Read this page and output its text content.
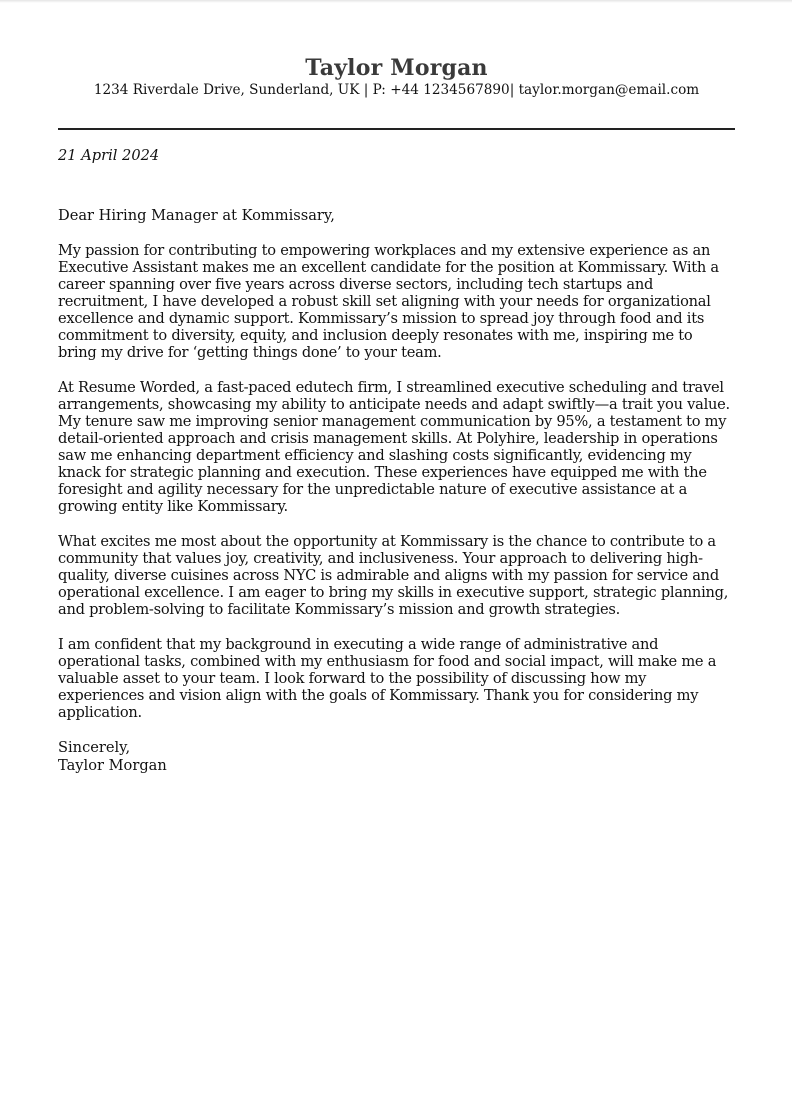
Taylor Morgan

1234 Riverdale Drive, Sunderland, UK | P: +44 1234567890| taylor.morgan@email.com

21 April 2024
Dear Hiring Manager at Kommissary,

My passion for contributing to empowering workplaces and my extensive experience as an Executive Assistant makes me an excellent candidate for the position at Kommissary. With a career spanning over five years across diverse sectors, including tech startups and recruitment, I have developed a robust skill set aligning with your needs for organizational excellence and dynamic support. Kommissary’s mission to spread joy through food and its commitment to diversity, equity, and inclusion deeply resonates with me, inspiring me to bring my drive for ‘getting things done’ to your team.

At Resume Worded, a fast-paced edutech firm, I streamlined executive scheduling and travel arrangements, showcasing my ability to anticipate needs and adapt swiftly—a trait you value. My tenure saw me improving senior management communication by 95%, a testament to my detail-oriented approach and crisis management skills. At Polyhire, leadership in operations saw me enhancing department efficiency and slashing costs significantly, evidencing my knack for strategic planning and execution. These experiences have equipped me with the foresight and agility necessary for the unpredictable nature of executive assistance at a growing entity like Kommissary.

What excites me most about the opportunity at Kommissary is the chance to contribute to a community that values joy, creativity, and inclusiveness. Your approach to delivering high-quality, diverse cuisines across NYC is admirable and aligns with my passion for service and operational excellence. I am eager to bring my skills in executive support, strategic planning, and problem-solving to facilitate Kommissary’s mission and growth strategies.

I am confident that my background in executing a wide range of administrative and operational tasks, combined with my enthusiasm for food and social impact, will make me a valuable asset to your team. I look forward to the possibility of discussing how my experiences and vision align with the goals of Kommissary. Thank you for considering my application.

Sincerely,
Taylor Morgan
